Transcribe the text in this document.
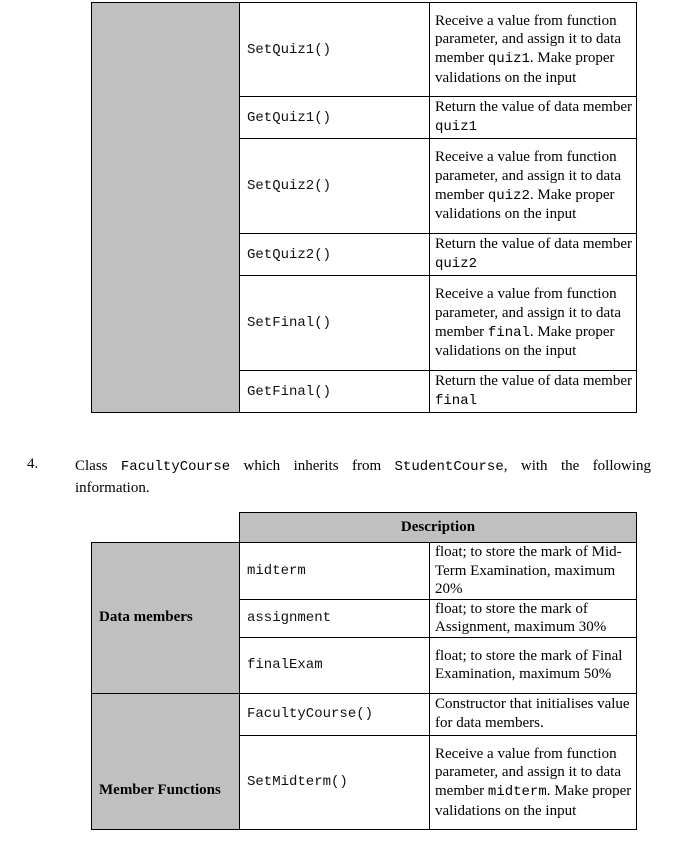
	SetQuiz1()	Receive a value from function parameter, and assign it to data member quiz1. Make proper validations on the input
	GetQuiz1()	Return the value of data member quiz1
	SetQuiz2()	Receive a value from function parameter, and assign it to data member quiz2. Make proper validations on the input
	GetQuiz2()	Return the value of data member quiz2
	SetFinal()	Receive a value from function parameter, and assign it to data member final. Make proper validations on the input
	GetFinal()	Return the value of data member final
4. Class FacultyCourse which inherits from StudentCourse, with the following information.
	Description	
Data members	midterm	float; to store the mark of Mid-Term Examination, maximum 20%
	assignment	float; to store the mark of Assignment, maximum 30%
	finalExam	float; to store the mark of Final Examination, maximum 50%
Member Functions	FacultyCourse()	Constructor that initialises value for data members.
	SetMidterm()	Receive a value from function parameter, and assign it to data member midterm. Make proper validations on the input
